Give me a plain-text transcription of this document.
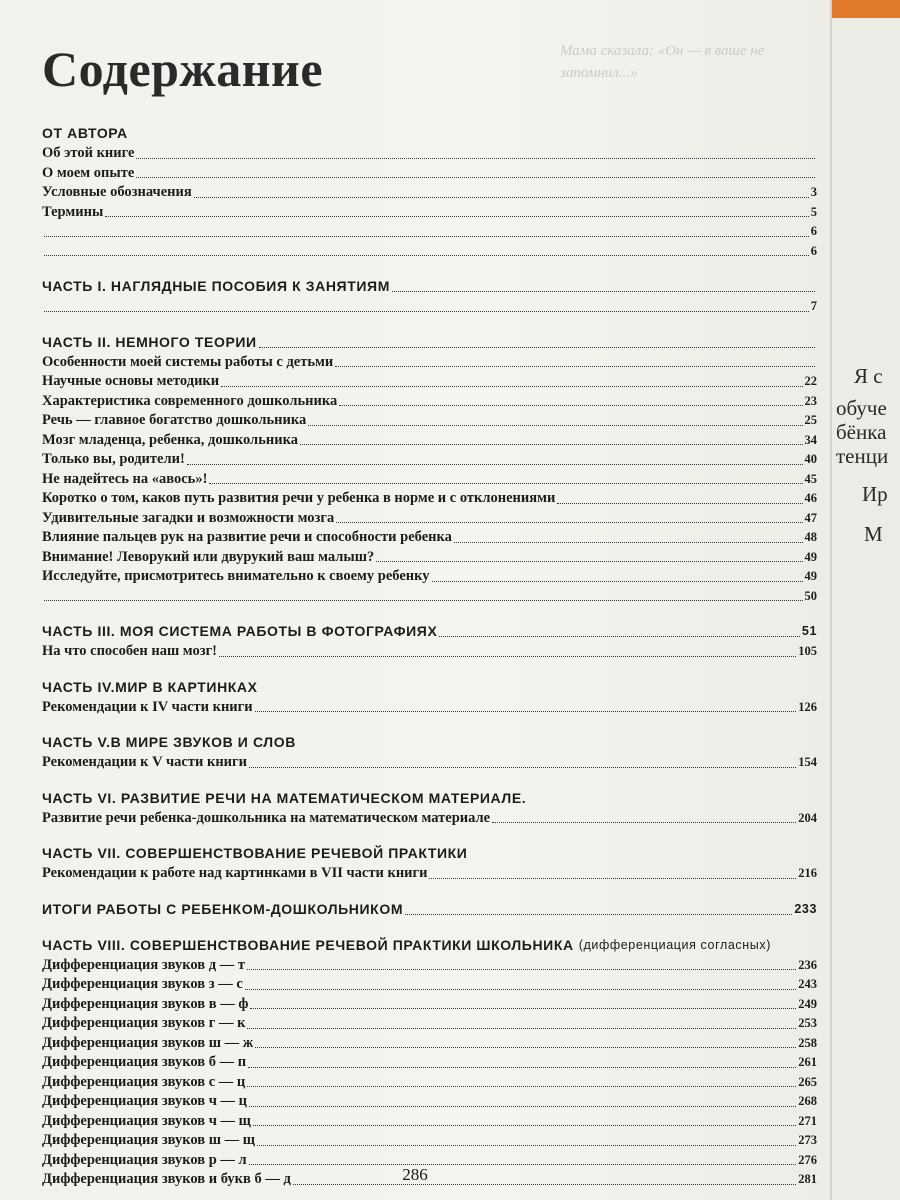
Мама сказала: «Он — в ваше не запомнил...»
Содержание
ОТ АВТОРА
Об этой книге
О моем опыте
Условные обозначения	3
Термины	5
6
6
ЧАСТЬ I. НАГЛЯДНЫЕ ПОСОБИЯ К ЗАНЯТИЯМ
7
ЧАСТЬ II. НЕМНОГО ТЕОРИИ
Особенности моей системы работы с детьми
Научные основы методики	22
Характеристика современного дошкольника	23
Речь — главное богатство дошкольника	25
Мозг младенца, ребенка, дошкольника	34
Только вы, родители!	40
Не надейтесь на «авось»!	45
Коротко о том, каков путь развития речи у ребенка в норме и с отклонениями	46
Удивительные загадки и возможности мозга	47
Влияние пальцев рук на развитие речи и способности ребенка	48
Внимание! Леворукий или двурукий ваш малыш?	49
Исследуйте, присмотритесь внимательно к своему ребенку	49
50
ЧАСТЬ III. МОЯ СИСТЕМА РАБОТЫ В ФОТОГРАФИЯХ	51
На что способен наш мозг!	105
ЧАСТЬ IV.МИР В КАРТИНКАХ
Рекомендации к IV части книги	126
ЧАСТЬ V.В МИРЕ ЗВУКОВ И СЛОВ
Рекомендации к V части книги	154
ЧАСТЬ VI. РАЗВИТИЕ РЕЧИ НА МАТЕМАТИЧЕСКОМ МАТЕРИАЛЕ.
Развитие речи ребенка-дошкольника на математическом материале	204
ЧАСТЬ VII. СОВЕРШЕНСТВОВАНИЕ РЕЧЕВОЙ ПРАКТИКИ
Рекомендации к работе над картинками в VII части книги	216
ИТОГИ РАБОТЫ С РЕБЕНКОМ-ДОШКОЛЬНИКОМ	233
ЧАСТЬ VIII. СОВЕРШЕНСТВОВАНИЕ РЕЧЕВОЙ ПРАКТИКИ ШКОЛЬНИКА (дифференциация согласных)
Дифференциация звуков д — т	236
Дифференциация звуков з — с	243
Дифференциация звуков в — ф	249
Дифференциация звуков г — к	253
Дифференциация звуков ш — ж	258
Дифференциация звуков б — п	261
Дифференциация звуков с — ц	265
Дифференциация звуков ч — ц	268
Дифференциация звуков ч — щ	271
Дифференциация звуков ш — щ	273
Дифференциация звуков р — л	276
Дифференциация звуков и букв б — д	281
286
Я с
обуче
бёнка
тенци
Ир
М
